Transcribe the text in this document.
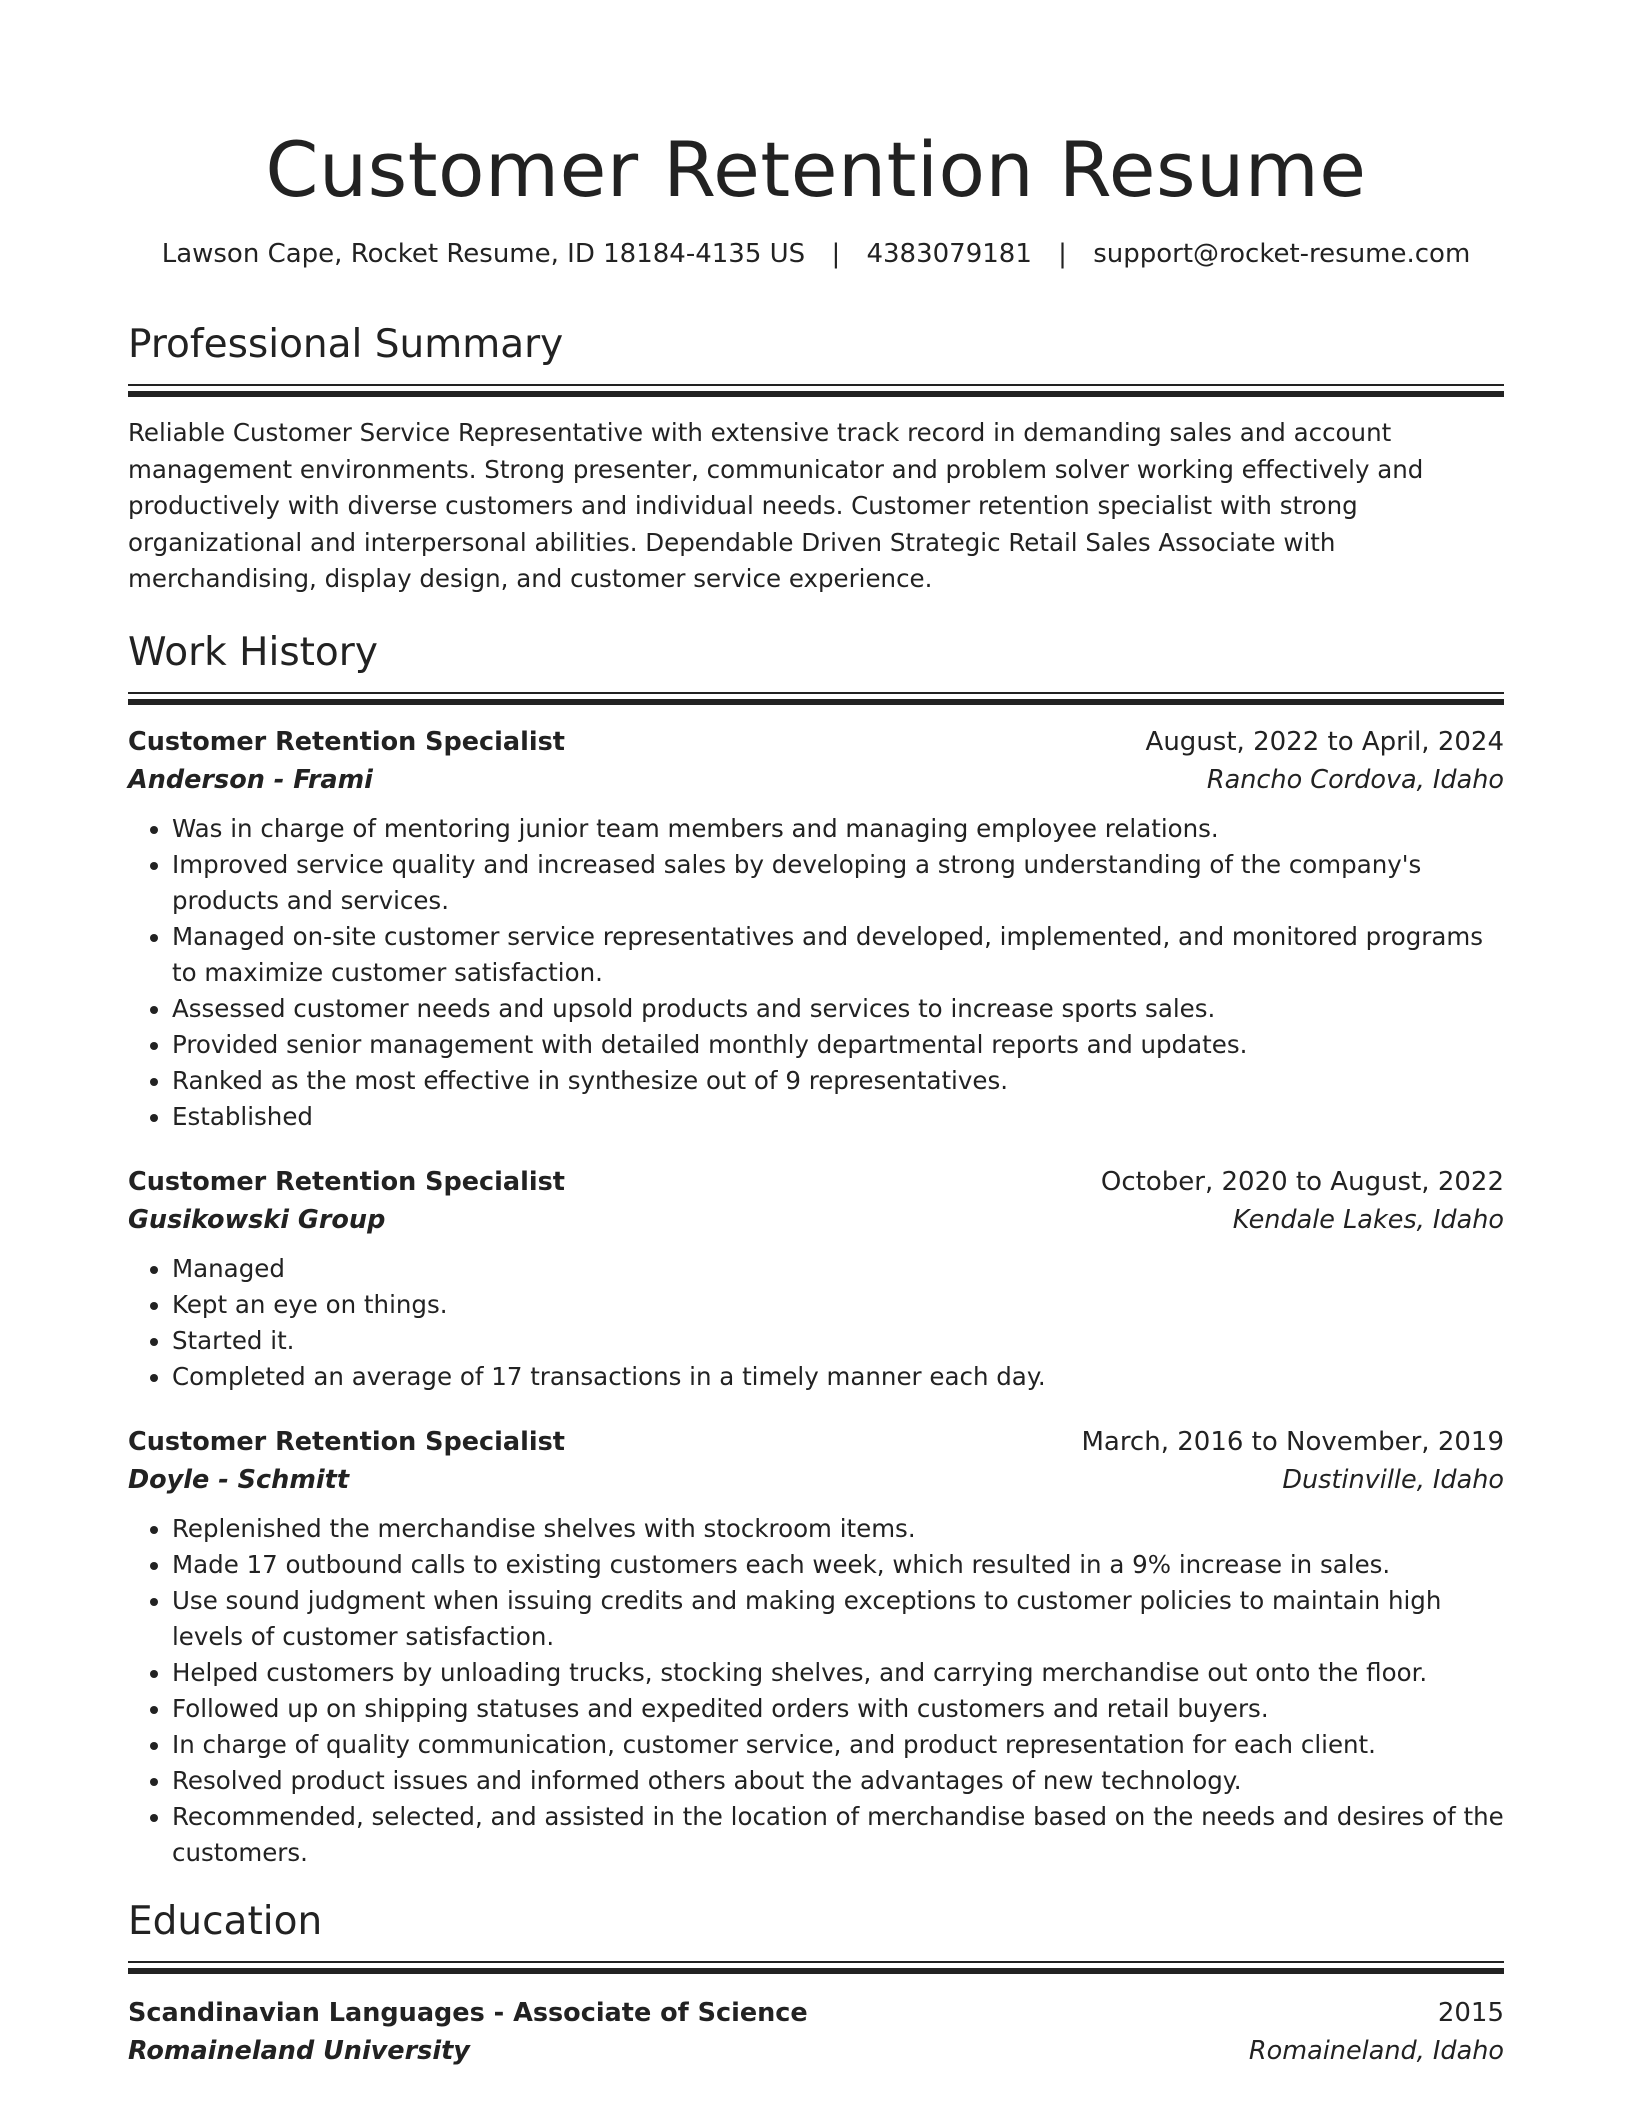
Customer Retention Resume
Lawson Cape, Rocket Resume, ID 18184-4135 US | 4383079181 | support@rocket-resume.com
Professional Summary

Reliable Customer Service Representative with extensive track record in demanding sales and account management environments. Strong presenter, communicator and problem solver working effectively and productively with diverse customers and individual needs. Customer retention specialist with strong organizational and interpersonal abilities. Dependable Driven Strategic Retail Sales Associate with merchandising, display design, and customer service experience.

Work History
Customer Retention Specialist	August, 2022 to April, 2024
Anderson - Frami	Rancho Cordova, Idaho
• Was in charge of mentoring junior team members and managing employee relations.
• Improved service quality and increased sales by developing a strong understanding of the company's products and services.
• Managed on-site customer service representatives and developed, implemented, and monitored programs to maximize customer satisfaction.
• Assessed customer needs and upsold products and services to increase sports sales.
• Provided senior management with detailed monthly departmental reports and updates.
• Ranked as the most effective in synthesize out of 9 representatives.
• Established
Customer Retention Specialist	October, 2020 to August, 2022
Gusikowski Group	Kendale Lakes, Idaho
• Managed
• Kept an eye on things.
• Started it.
• Completed an average of 17 transactions in a timely manner each day.
Customer Retention Specialist	March, 2016 to November, 2019
Doyle - Schmitt	Dustinville, Idaho
• Replenished the merchandise shelves with stockroom items.
• Made 17 outbound calls to existing customers each week, which resulted in a 9% increase in sales.
• Use sound judgment when issuing credits and making exceptions to customer policies to maintain high levels of customer satisfaction.
• Helped customers by unloading trucks, stocking shelves, and carrying merchandise out onto the floor.
• Followed up on shipping statuses and expedited orders with customers and retail buyers.
• In charge of quality communication, customer service, and product representation for each client.
• Resolved product issues and informed others about the advantages of new technology.
• Recommended, selected, and assisted in the location of merchandise based on the needs and desires of the customers.
Education
Scandinavian Languages - Associate of Science	2015
Romaineland University	Romaineland, Idaho
